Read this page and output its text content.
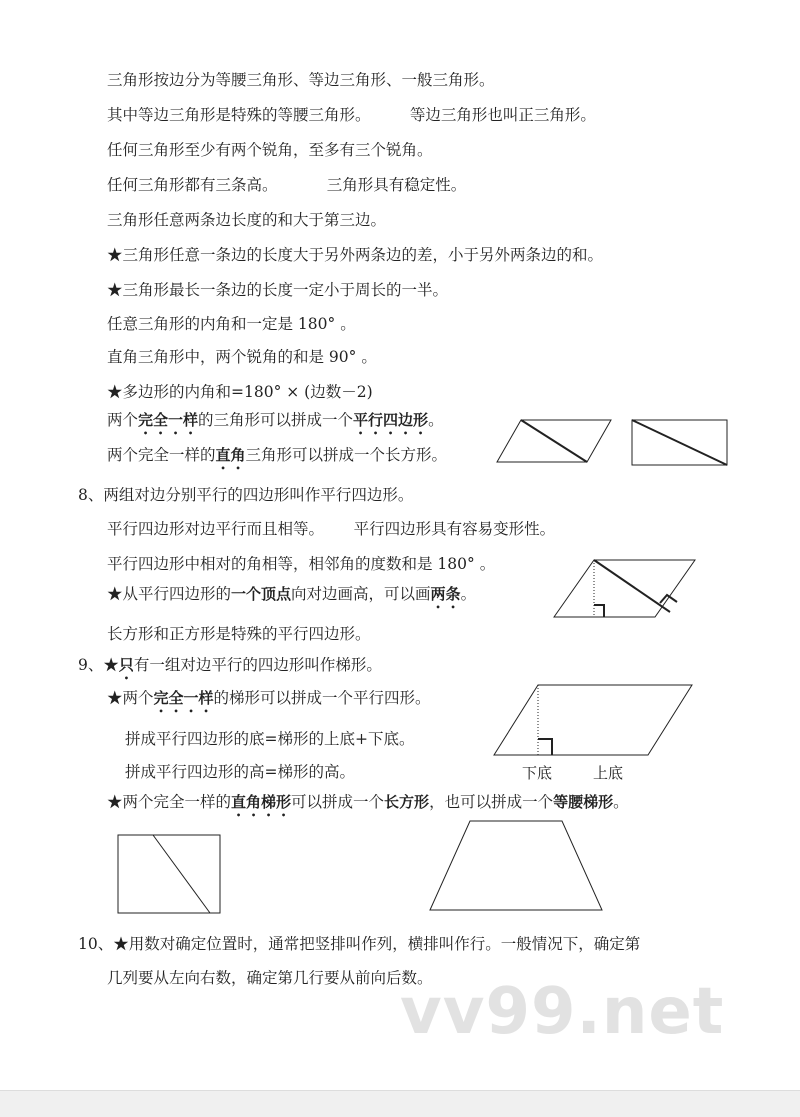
三角形按边分为等腰三角形、等边三角形、一般三角形。
其中等边三角形是特殊的等腰三角形。        等边三角形也叫正三角形。
任何三角形至少有两个锐角，至多有三个锐角。
任何三角形都有三条高。          三角形具有稳定性。
三角形任意两条边长度的和大于第三边。
★三角形任意一条边的长度大于另外两条边的差，小于另外两条边的和。
★三角形最长一条边的长度一定小于周长的一半。
任意三角形的内角和一定是 180° 。
直角三角形中，两个锐角的和是 90° 。
★多边形的内角和=180° × (边数－2)
两个完全一样的三角形可以拼成一个平行四边形。
两个完全一样的直角三角形可以拼成一个长方形。
8、两组对边分别平行的四边形叫作平行四边形。
平行四边形对边平行而且相等。      平行四边形具有容易变形性。
平行四边形中相对的角相等，相邻角的度数和是 180° 。
★从平行四边形的一个顶点向对边画高，可以画两条。
长方形和正方形是特殊的平行四边形。
9、★只有一组对边平行的四边形叫作梯形。
★两个完全一样的梯形可以拼成一个平行四形。
拼成平行四边形的底=梯形的上底+下底。
拼成平行四边形的高=梯形的高。
★两个完全一样的直角梯形可以拼成一个长方形，也可以拼成一个等腰梯形。
10、★用数对确定位置时，通常把竖排叫作列，横排叫作行。一般情况下，确定第
几列要从左向右数，确定第几行要从前向后数。
下底	上底
vv99.net
